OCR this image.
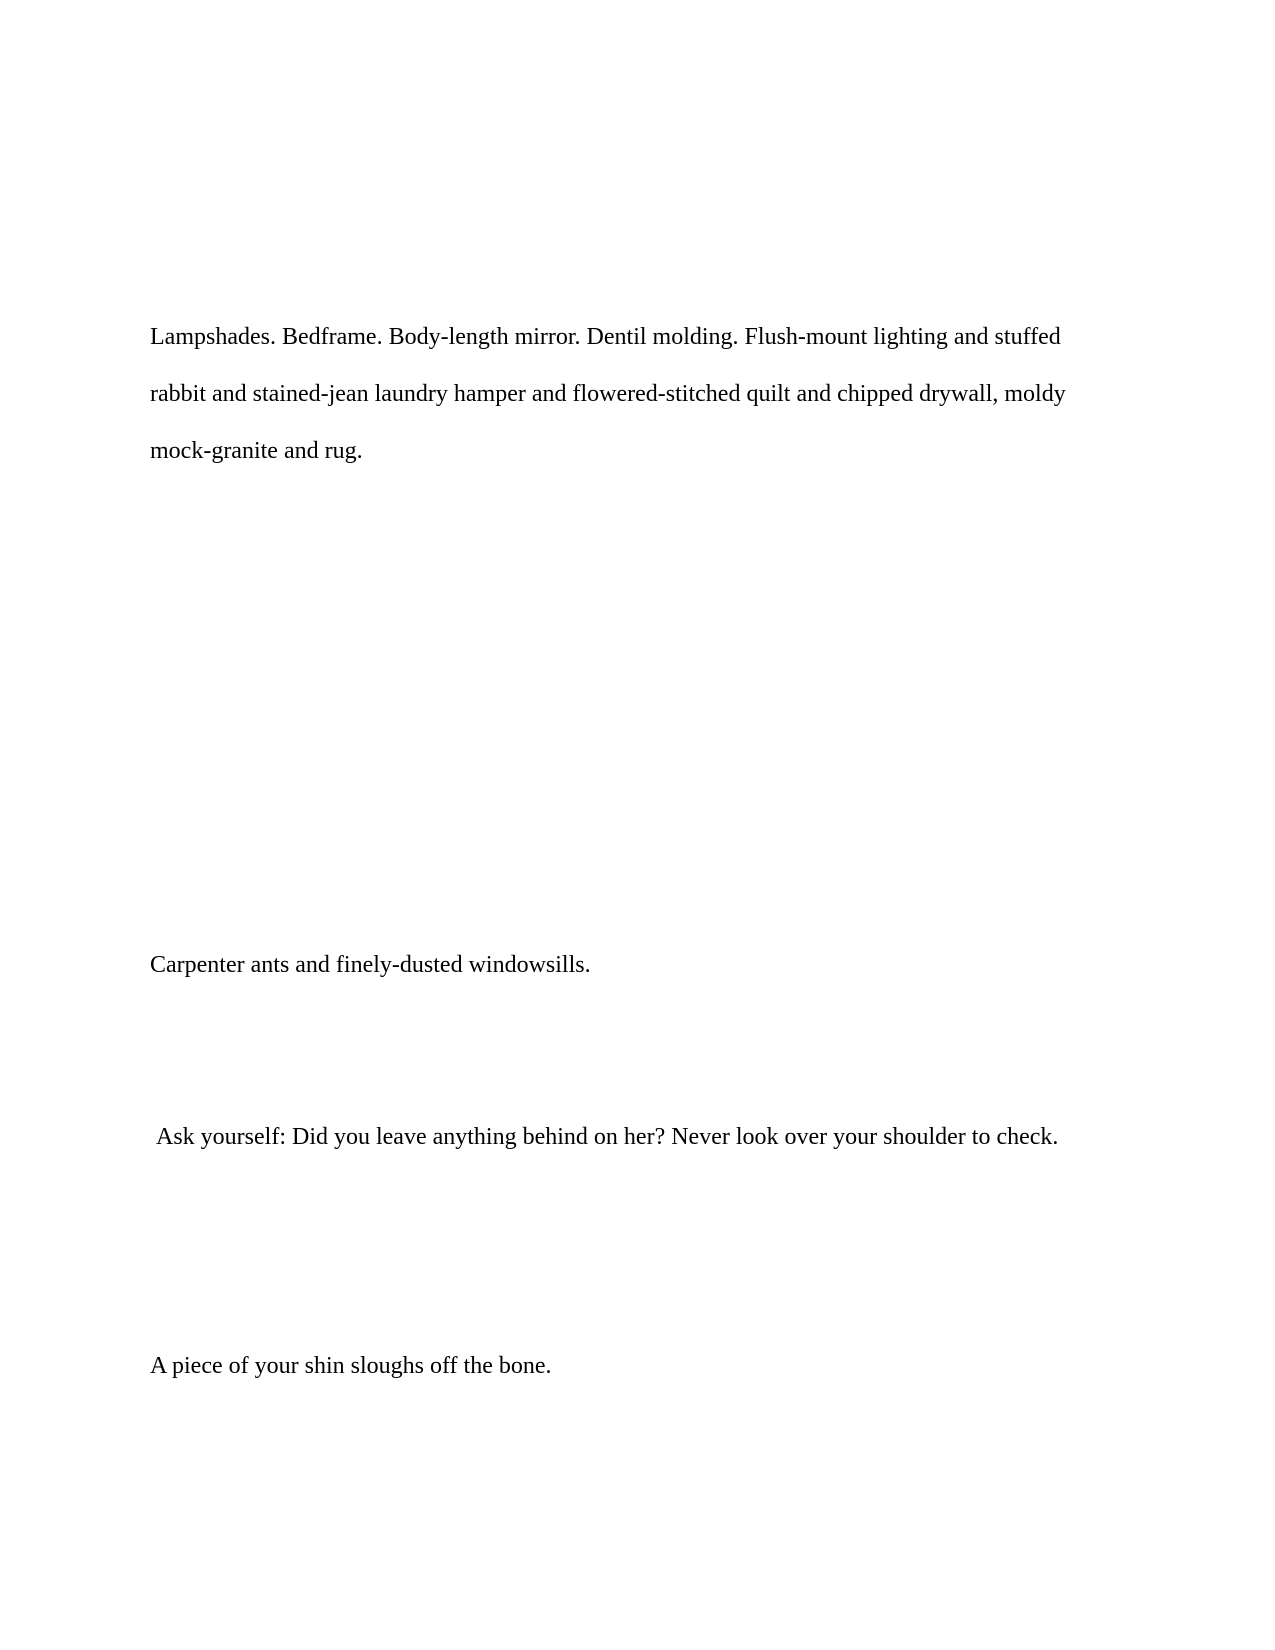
Lampshades. Bedframe. Body-length mirror. Dentil molding. Flush-mount lighting and stuffed rabbit and stained-jean laundry hamper and flowered-stitched quilt and chipped drywall, moldy mock-granite and rug.

Carpenter ants and finely-dusted windowsills.

Ask yourself: Did you leave anything behind on her? Never look over your shoulder to check.

A piece of your shin sloughs off the bone.
